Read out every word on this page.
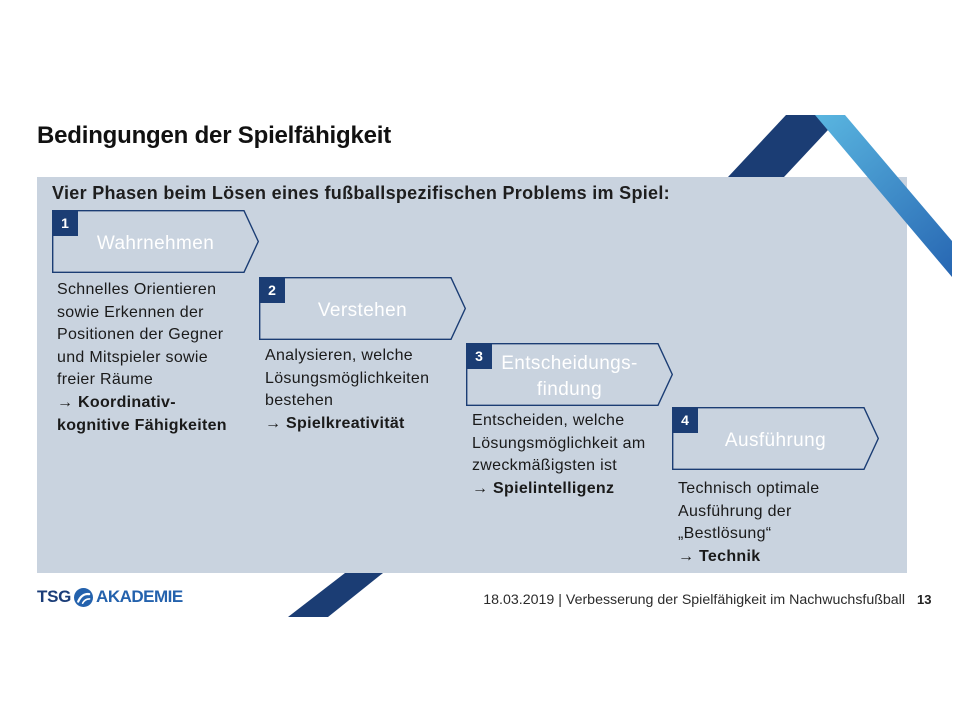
Bedingungen der Spielfähigkeit
Vier Phasen beim Lösen eines fußballspezifischen Problems im Spiel:
1
Wahrnehmen
Schnelles Orientieren
sowie Erkennen der
Positionen der Gegner
und Mitspieler sowie
freier Räume
→ Koordinativ-
kognitive Fähigkeiten
2
Verstehen
Analysieren, welche
Lösungsmöglichkeiten
bestehen
→ Spielkreativität
3 Entscheidungs-
findung
Entscheiden, welche
Lösungsmöglichkeit am
zweckmäßigsten ist
→ Spielintelligenz
4
Ausführung
Technisch optimale
Ausführung der
„Bestlösung“
→ Technik
TSG AKADEMIE	18.03.2019 | Verbesserung der Spielfähigkeit im Nachwuchsfußball 13
